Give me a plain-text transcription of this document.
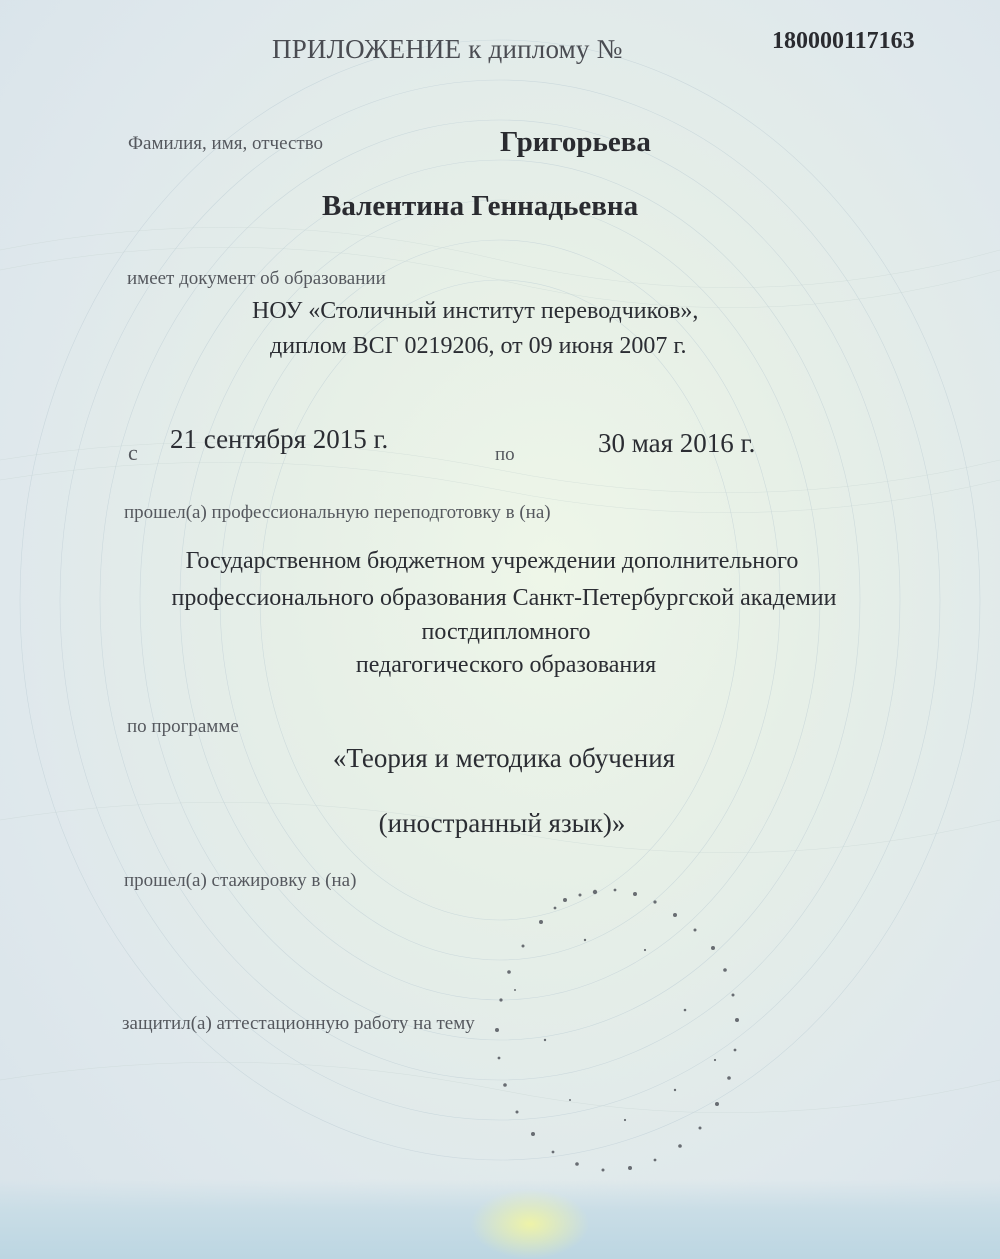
ПРИЛОЖЕНИЕ к диплому №	180000117163
Фамилия, имя, отчество	Григорьева
Валентина Геннадьевна
имеет документ об образовании
НОУ «Столичный институт переводчиков»,
диплом ВСГ 0219206, от 09 июня 2007 г.
с 21 сентября 2015 г.
по	30 мая 2016 г.
прошел(а) профессиональную переподготовку в (на)
Государственном бюджетном учреждении дополнительного
профессионального образования Санкт-Петербургской академии
постдипломного
педагогического образования
по программе
«Теория и методика обучения
(иностранный язык)»
прошел(а) стажировку в (на)
защитил(а) аттестационную работу на тему
